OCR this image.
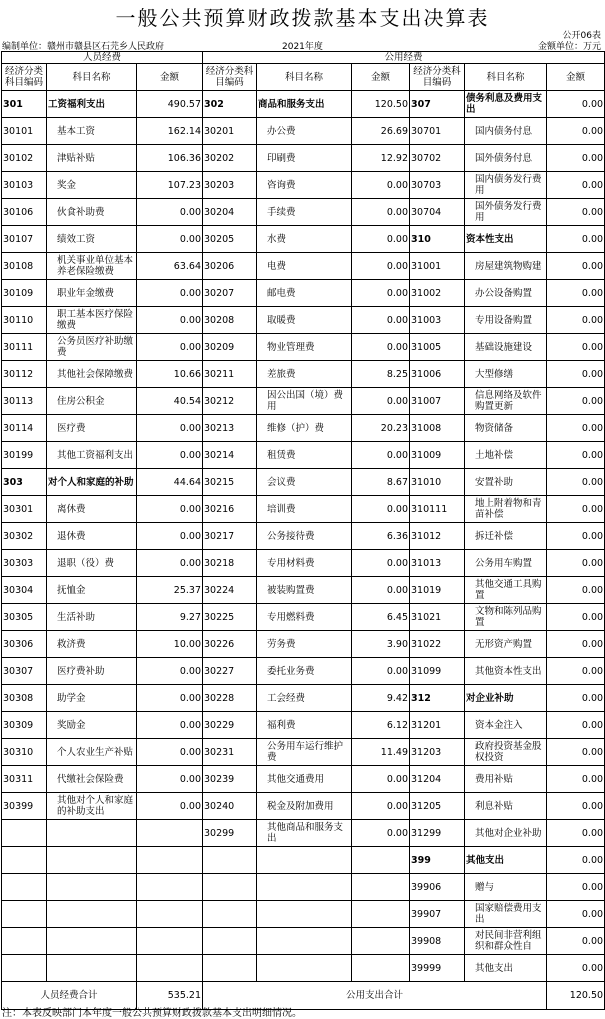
一般公共预算财政拨款基本支出决算表
公开06表
编制单位：赣州市赣县区石芫乡人民政府	2021年度	金额单位：万元
人员经费			公用经费					
经济分类科目编码	科目名称	金额	经济分类科目编码	科目名称	金额	经济分类科目编码	科目名称	金额
301	工资福利支出	490.57	302	商品和服务支出	120.50	307	债务利息及费用支出	0.00
30101	基本工资	162.14	30201	办公费	26.69	30701	国内债务付息	0.00
30102	津贴补贴	106.36	30202	印刷费	12.92	30702	国外债务付息	0.00
30103	奖金	107.23	30203	咨询费	0.00	30703	国内债务发行费用	0.00
30106	伙食补助费	0.00	30204	手续费	0.00	30704	国外债务发行费用	0.00
30107	绩效工资	0.00	30205	水费	0.00	310	资本性支出	0.00
30108	机关事业单位基本养老保险缴费	63.64	30206	电费	0.00	31001	房屋建筑物购建	0.00
30109	职业年金缴费	0.00	30207	邮电费	0.00	31002	办公设备购置	0.00
30110	职工基本医疗保险缴费	0.00	30208	取暖费	0.00	31003	专用设备购置	0.00
30111	公务员医疗补助缴费	0.00	30209	物业管理费	0.00	31005	基础设施建设	0.00
30112	其他社会保障缴费	10.66	30211	差旅费	8.25	31006	大型修缮	0.00
30113	住房公积金	40.54	30212	因公出国（境）费用	0.00	31007	信息网络及软件购置更新	0.00
30114	医疗费	0.00	30213	维修（护）费	20.23	31008	物资储备	0.00
30199	其他工资福利支出	0.00	30214	租赁费	0.00	31009	土地补偿	0.00
303	对个人和家庭的补助	44.64	30215	会议费	8.67	31010	安置补助	0.00
30301	离休费	0.00	30216	培训费	0.00	310111	地上附着物和青苗补偿	0.00
30302	退休费	0.00	30217	公务接待费	6.36	31012	拆迁补偿	0.00
30303	退职（役）费	0.00	30218	专用材料费	0.00	31013	公务用车购置	0.00
30304	抚恤金	25.37	30224	被装购置费	0.00	31019	其他交通工具购置	0.00
30305	生活补助	9.27	30225	专用燃料费	6.45	31021	文物和陈列品购置	0.00
30306	救济费	10.00	30226	劳务费	3.90	31022	无形资产购置	0.00
30307	医疗费补助	0.00	30227	委托业务费	0.00	31099	其他资本性支出	0.00
30308	助学金	0.00	30228	工会经费	9.42	312	对企业补助	0.00
30309	奖励金	0.00	30229	福利费	6.12	31201	资本金注入	0.00
30310	个人农业生产补贴	0.00	30231	公务用车运行维护费	11.49	31203	政府投资基金股权投资	0.00
30311	代缴社会保险费	0.00	30239	其他交通费用	0.00	31204	费用补贴	0.00
30399	其他对个人和家庭的补助支出	0.00	30240	税金及附加费用	0.00	31205	利息补贴	0.00
			30299	其他商品和服务支出	0.00	31299	其他对企业补助	0.00
						399	其他支出	0.00
						39906	赠与	0.00
						39907	国家赔偿费用支出	0.00
						39908	对民间非营利组织和群众性自	0.00
						39999	其他支出	0.00
人员经费合计		535.21	公用支出合计					120.50
注：本表反映部门本年度一般公共预算财政拨款基本支出明细情况。
